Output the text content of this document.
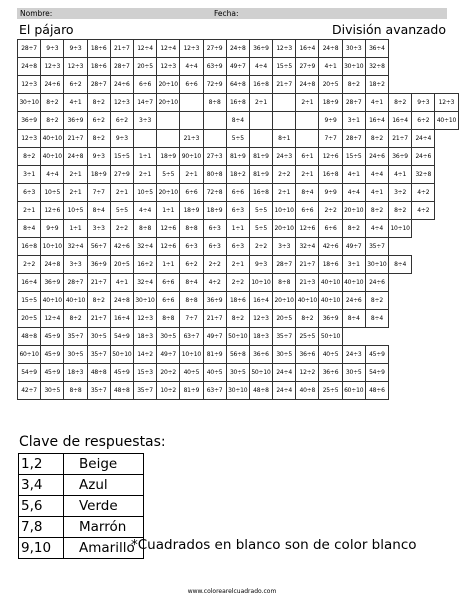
Nombre:	Fecha:
El pájaro	División avanzado
28÷7	9÷3	9÷3	18÷6	21÷7	12÷4	12÷4	12÷3	27÷9	24÷8	36÷9	12÷3	16÷4	24÷8	30÷3	36÷4			
24÷8	12÷3	12÷3	18÷6	28÷7	20÷5	12÷3	4÷4	63÷9	49÷7	4÷4	15÷5	27÷9	4÷1	30÷10	32÷8			
12÷3	24÷6	6÷2	28÷7	24÷6	6÷6	20÷10	6÷6	72÷9	64÷8	16÷8	21÷7	24÷8	20÷5	8÷2	18÷2			
30÷10	8÷2	4÷1	8÷2	12÷3	14÷7	20÷10		8÷8	16÷8	2÷1		2÷1	18÷9	28÷7	4÷1	8÷2	9÷3	12÷3
36÷9	8÷2	36÷9	6÷2	6÷2	3÷3				8÷4				9÷9	3÷1	16÷4	16÷4	6÷2	40÷10
12÷3	40÷10	21÷7	8÷2	9÷3			21÷3		5÷5		8÷1		7÷7	28÷7	8÷2	21÷7	24÷4	
8÷2	40÷10	24÷8	9÷3	15÷5	1÷1	18÷9	90÷10	27÷3	81÷9	81÷9	24÷3	6÷1	12÷6	15÷5	24÷6	36÷9	24÷6	
3÷1	4÷4	2÷1	18÷9	27÷9	2÷1	5÷5	2÷1	80÷8	18÷2	81÷9	2÷2	2÷1	16÷8	4÷1	4÷4	4÷1	32÷8	
6÷3	10÷5	2÷1	7÷7	2÷1	10÷5	20÷10	6÷6	72÷8	6÷6	16÷8	2÷1	8÷4	9÷9	4÷4	4÷1	3÷2	4÷2	
2÷1	12÷6	10÷5	8÷4	5÷5	4÷4	1÷1	18÷9	18÷9	6÷3	5÷5	10÷10	6÷6	2÷2	20÷10	8÷2	8÷2	4÷2	
8÷4	9÷9	1÷1	3÷3	2÷2	8÷8	12÷6	8÷8	6÷3	1÷1	5÷5	20÷10	12÷6	6÷6	8÷2	4÷4	10÷10		
16÷8	10÷10	32÷4	56÷7	42÷6	32÷4	12÷6	6÷3	6÷3	6÷3	2÷2	3÷3	32÷4	42÷6	49÷7	35÷7			
2÷2	24÷8	3÷3	36÷9	20÷5	16÷2	1÷1	6÷2	2÷2	2÷1	9÷3	28÷7	21÷7	18÷6	3÷1	30÷10	8÷4		
16÷4	36÷9	28÷7	21÷7	4÷1	32÷4	6÷6	8÷4	4÷2	2÷2	10÷10	8÷8	21÷3	40÷10	40÷10	24÷6			
15÷5	40÷10	40÷10	8÷2	24÷8	30÷10	6÷6	8÷8	36÷9	18÷6	16÷4	20÷10	40÷10	40÷10	24÷6	8÷2			
20÷5	12÷4	8÷2	21÷7	16÷4	12÷3	8÷8	7÷7	21÷7	8÷2	12÷3	20÷5	8÷2	36÷9	8÷4	8÷4			
48÷8	45÷9	35÷7	30÷5	54÷9	18÷3	30÷5	63÷7	49÷7	50÷10	18÷3	35÷7	25÷5	50÷10					
60÷10	45÷9	30÷5	35÷7	50÷10	14÷2	49÷7	10÷10	81÷9	56÷8	36÷6	30÷5	36÷6	40÷5	24÷3	45÷9			
54÷9	45÷9	18÷3	48÷8	45÷9	15÷3	20÷2	40÷5	40÷5	30÷5	50÷10	24÷4	12÷2	36÷6	30÷5	54÷9			
42÷7	30÷5	8÷8	35÷7	48÷8	35÷7	10÷2	81÷9	63÷7	30÷10	48÷8	24÷4	40÷8	25÷5	60÷10	48÷6			
Clave de respuestas:
1,2	Beige
3,4	Azul
5,6	Verde
7,8	Marrón
9,10	Amarillo
*Cuadrados en blanco son de color blanco
www.colorearelcuadrado.com
